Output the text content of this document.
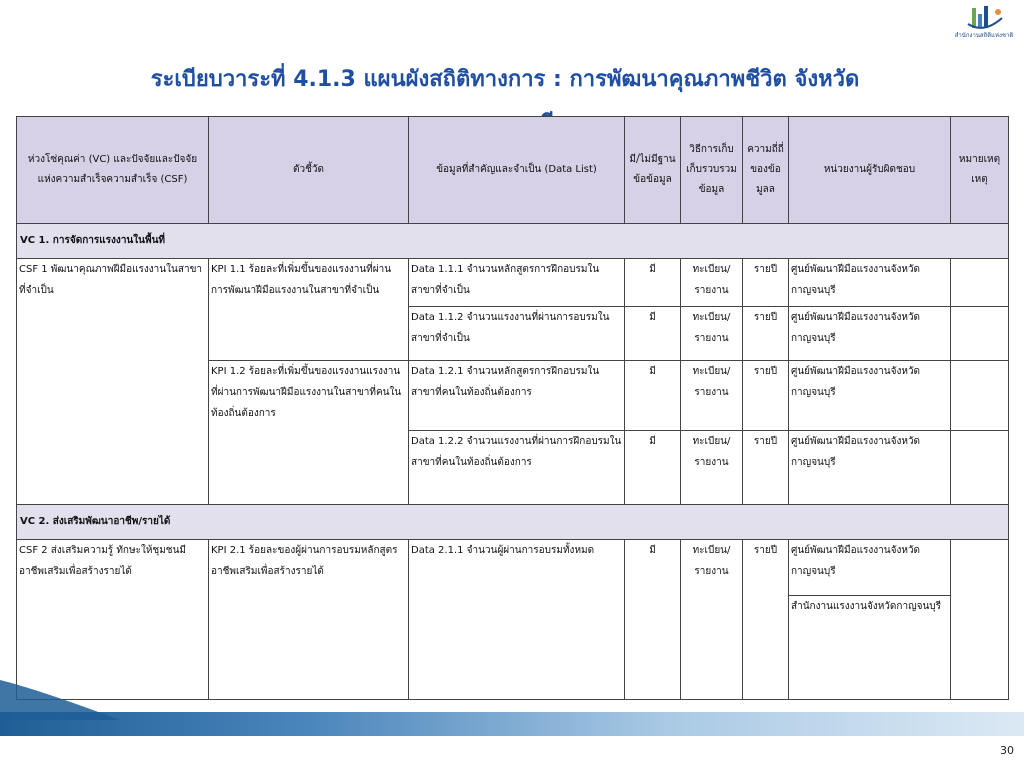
สำนักงานสถิติแห่งชาติ
ระเบียบวาระที่ 4.1.3 แผนผังสถิติทางการ : การพัฒนาคุณภาพชีวิต จังหวัด
ห่วงโซ่คุณค่า (VC) และปัจจัยและปัจจัยแห่งความสำเร็จความสำเร็จ (CSF)	ตัวชี้วัด	ข้อมูลที่สำคัญและจำเป็น (Data List)	มี/ไม่มีฐานข้อข้อมูล	วิธีการเก็บเก็บรวบรวมข้อมูล	ความถี่ถี่ของข้อมูลล	หน่วยงานผู้รับผิดชอบ	หมายเหตุเหตุ
VC 1. การจัดการแรงงานในพื้นที่							
CSF 1 พัฒนาคุณภาพฝีมือแรงงานในสาขาที่จำเป็น	KPI 1.1 ร้อยละที่เพิ่มขึ้นของแรงงานที่ผ่านการพัฒนาฝีมือแรงงานในสาขาที่จำเป็น	Data 1.1.1 จำนวนหลักสูตรการฝึกอบรมในสาขาที่จำเป็น	มี	ทะเบียน/รายงาน	รายปี	ศูนย์พัฒนาฝีมือแรงงานจังหวัดกาญจนบุรี	
		Data 1.1.2 จำนวนแรงงานที่ผ่านการอบรมในสาขาที่จำเป็น	มี	ทะเบียน/รายงาน	รายปี	ศูนย์พัฒนาฝีมือแรงงานจังหวัดกาญจนบุรี	
	KPI 1.2 ร้อยละที่เพิ่มขึ้นของแรงงานแรงงานที่ผ่านการพัฒนาฝีมือแรงงานในสาขาที่คนในท้องถิ่นต้องการ	Data 1.2.1 จำนวนหลักสูตรการฝึกอบรมในสาขาที่คนในท้องถิ่นต้องการ	มี	ทะเบียน/รายงาน	รายปี	ศูนย์พัฒนาฝีมือแรงงานจังหวัดกาญจนบุรี	
		Data 1.2.2 จำนวนแรงงานที่ผ่านการฝึกอบรมในสาขาที่คนในท้องถิ่นต้องการ	มี	ทะเบียน/รายงาน	รายปี	ศูนย์พัฒนาฝีมือแรงงานจังหวัดกาญจนบุรี	
VC 2. ส่งเสริมพัฒนาอาชีพ/รายได้							
CSF 2 ส่งเสริมความรู้ ทักษะให้ชุมชนมีอาชีพเสริมเพื่อสร้างรายได้	KPI 2.1 ร้อยละของผู้ผ่านการอบรมหลักสูตรอาชีพเสริมเพื่อสร้างรายได้	Data 2.1.1 จำนวนผู้ผ่านการอบรมทั้งหมด	มี	ทะเบียน/รายงาน	รายปี	ศูนย์พัฒนาฝีมือแรงงานจังหวัดกาญจนบุรี	
						สำนักงานแรงงานจังหวัดกาญจนบุรี	
30
